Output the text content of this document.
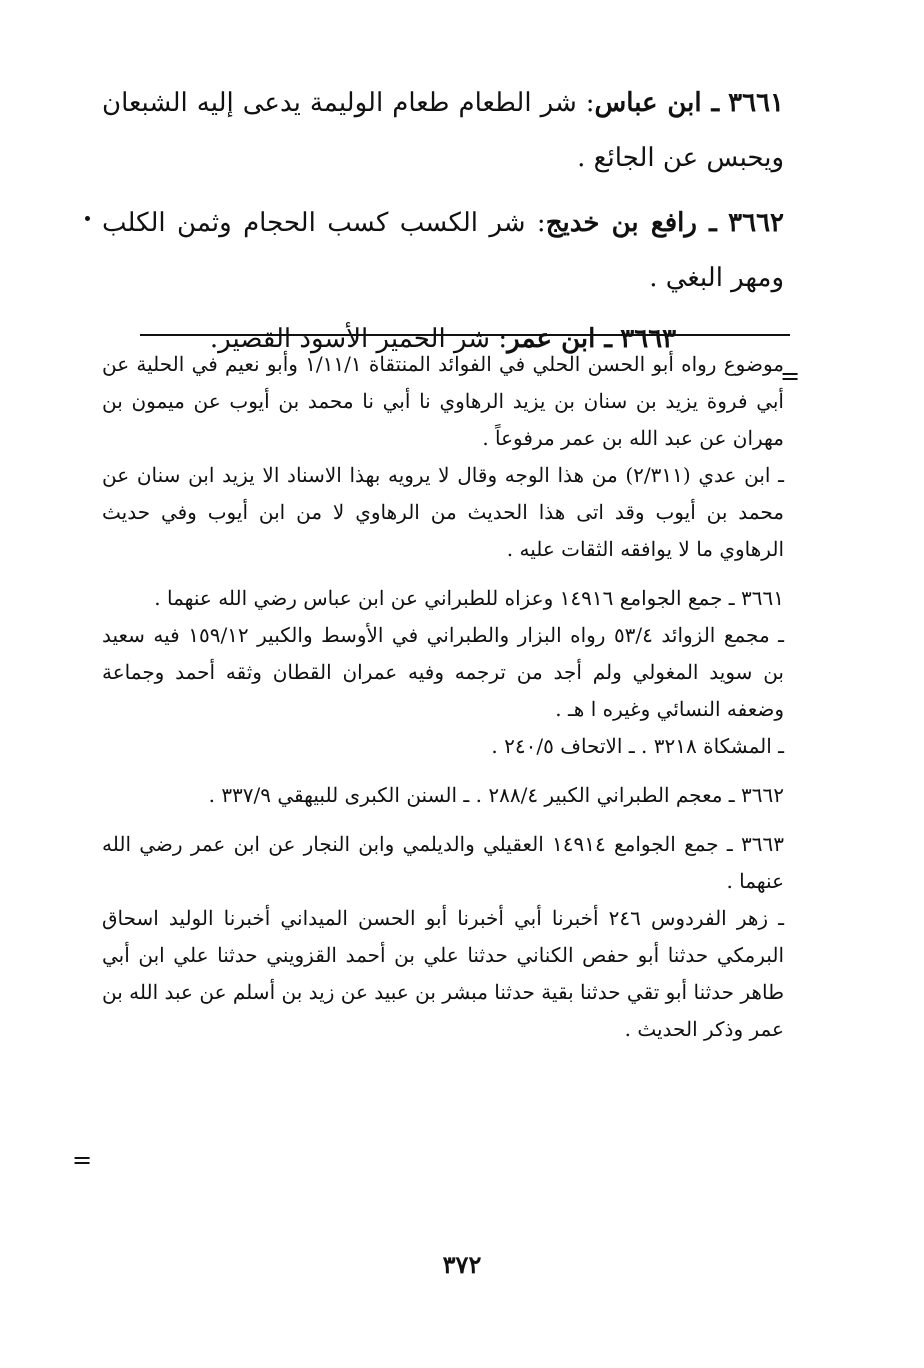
٣٦٦١ ـ ابن عباس: شر الطعام طعام الوليمة يدعى إليه الشبعان ويحبس عن الجائع .
٣٦٦٢ ـ رافع بن خديج: شر الكسب كسب الحجام وثمن الكلب ومهر البغي .
٣٦٦٣ ـ ابن عمر: شر الحمير الأسود القصير.
=
=

موضوع رواه أبو الحسن الحلي في الفوائد المنتقاة ١/١١/١ وأبو نعيم في الحلية عن أبي فروة يزيد بن سنان بن يزيد الرهاوي نا أبي نا محمد بن أيوب عن ميمون بن مهران عن عبد الله بن عمر مرفوعاً .

ـ ابن عدي (٢/٣١١) من هذا الوجه وقال لا يرويه بهذا الاسناد الا يزيد ابن سنان عن محمد بن أيوب وقد اتى هذا الحديث من الرهاوي لا من ابن أيوب وفي حديث الرهاوي ما لا يوافقه الثقات عليه .

٣٦٦١ ـ جمع الجوامع ١٤٩١٦ وعزاه للطبراني عن ابن عباس رضي الله عنهما .

ـ مجمع الزوائد ٥٣/٤ رواه البزار والطبراني في الأوسط والكبير ١٥٩/١٢ فيه سعيد بن سويد المغولي ولم أجد من ترجمه وفيه عمران القطان وثقه أحمد وجماعة وضعفه النسائي وغيره ا هـ .

ـ المشكاة ٣٢١٨ . ـ الاتحاف ٢٤٠/٥ .

٣٦٦٢ ـ معجم الطبراني الكبير ٢٨٨/٤ . ـ السنن الكبرى للبيهقي ٣٣٧/٩ .

٣٦٦٣ ـ جمع الجوامع ١٤٩١٤ العقيلي والديلمي وابن النجار عن ابن عمر رضي الله عنهما .

ـ زهر الفردوس ٢٤٦ أخبرنا أبي أخبرنا أبو الحسن الميداني أخبرنا الوليد اسحاق البرمكي حدثنا أبو حفص الكناني حدثنا علي بن أحمد القزويني حدثنا علي ابن أبي طاهر حدثنا أبو تقي حدثنا بقية حدثنا مبشر بن عبيد عن زيد بن أسلم عن عبد الله بن عمر وذكر الحديث .

٣٧٢
